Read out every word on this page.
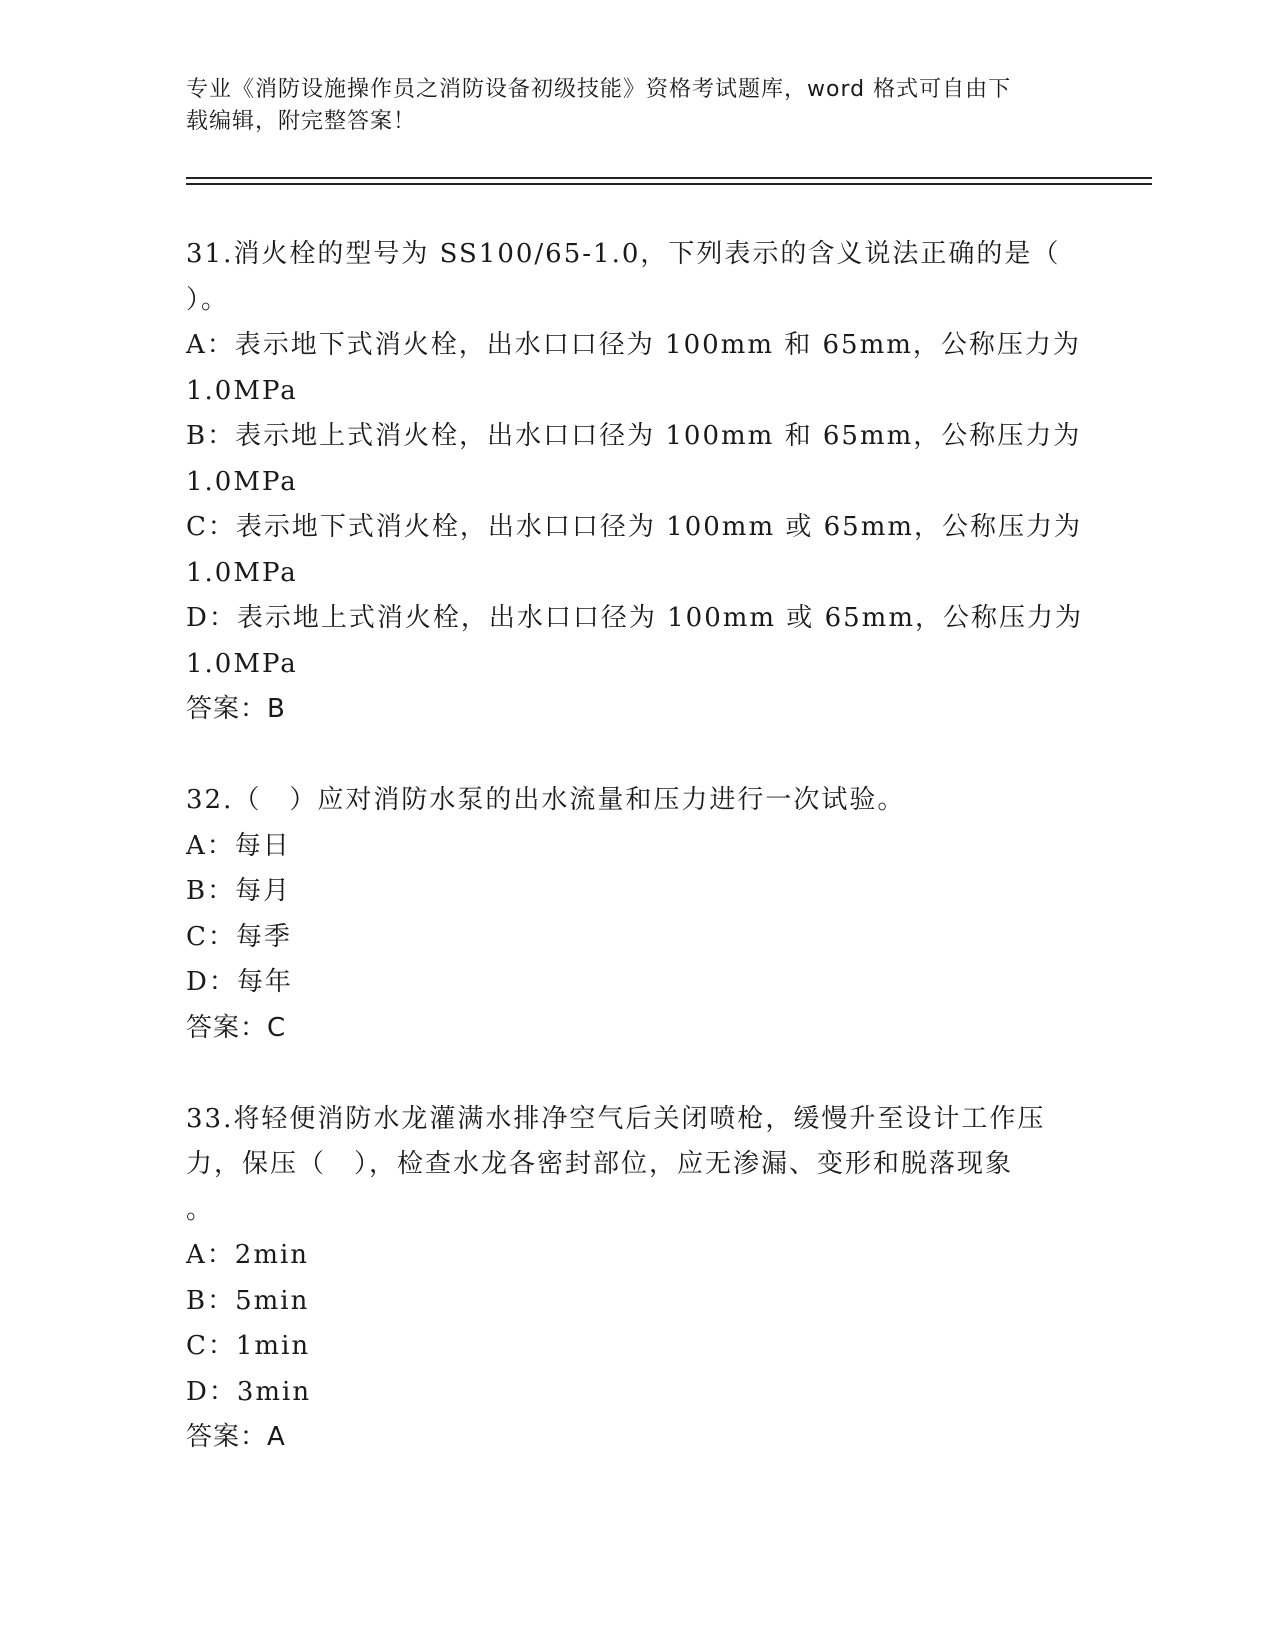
专业《消防设施操作员之消防设备初级技能》资格考试题库，word 格式可自由下
载编辑，附完整答案！
31.消火栓的型号为 SS100/65-1.0，下列表示的含义说法正确的是（
）。
A：表示地下式消火栓，出水口口径为 100mm 和 65mm，公称压力为
1.0MPa
B：表示地上式消火栓，出水口口径为 100mm 和 65mm，公称压力为
1.0MPa
C：表示地下式消火栓，出水口口径为 100mm 或 65mm，公称压力为
1.0MPa
D：表示地上式消火栓，出水口口径为 100mm 或 65mm，公称压力为
1.0MPa
答案：B
32.（　）应对消防水泵的出水流量和压力进行一次试验。
A：每日
B：每月
C：每季
D：每年
答案：C
33.将轻便消防水龙灌满水排净空气后关闭喷枪，缓慢升至设计工作压
力，保压（　），检查水龙各密封部位，应无渗漏、变形和脱落现象
。
A：2min
B：5min
C：1min
D：3min
答案：A
